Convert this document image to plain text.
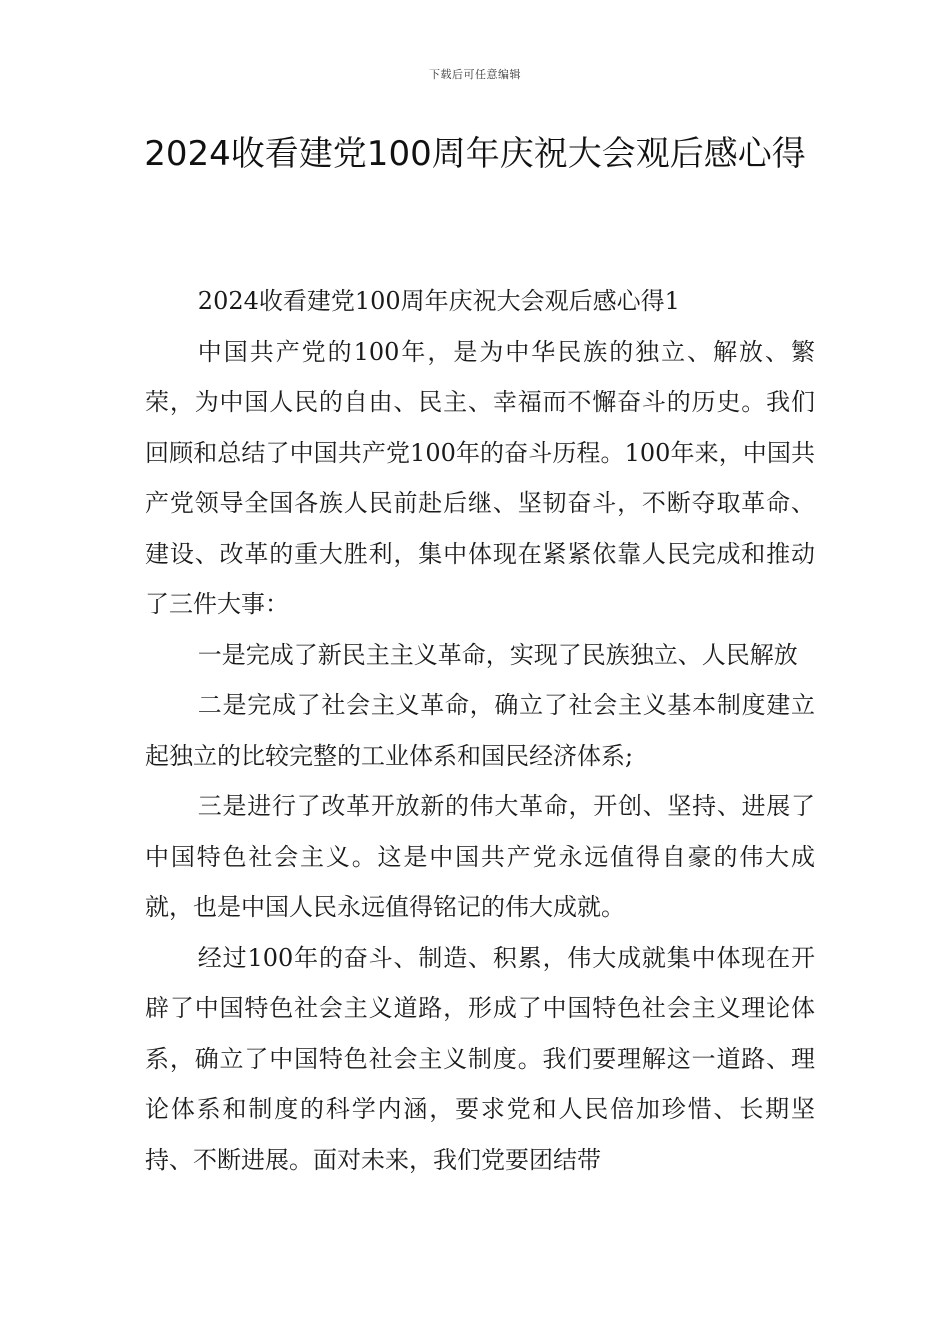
下载后可任意编辑
2024收看建党100周年庆祝大会观后感心得

2024收看建党100周年庆祝大会观后感心得1

中国共产党的100年，是为中华民族的独立、解放、繁荣，为中国人民的自由、民主、幸福而不懈奋斗的历史。我们回顾和总结了中国共产党100年的奋斗历程。100年来，中国共产党领导全国各族人民前赴后继、坚韧奋斗，不断夺取革命、建设、改革的重大胜利，集中体现在紧紧依靠人民完成和推动了三件大事：

一是完成了新民主主义革命，实现了民族独立、人民解放

二是完成了社会主义革命，确立了社会主义基本制度建立起独立的比较完整的工业体系和国民经济体系;

三是进行了改革开放新的伟大革命，开创、坚持、进展了中国特色社会主义。这是中国共产党永远值得自豪的伟大成就，也是中国人民永远值得铭记的伟大成就。

经过100年的奋斗、制造、积累，伟大成就集中体现在开辟了中国特色社会主义道路，形成了中国特色社会主义理论体系，确立了中国特色社会主义制度。我们要理解这一道路、理论体系和制度的科学内涵，要求党和人民倍加珍惜、长期坚持、不断进展。面对未来，我们党要团结带
